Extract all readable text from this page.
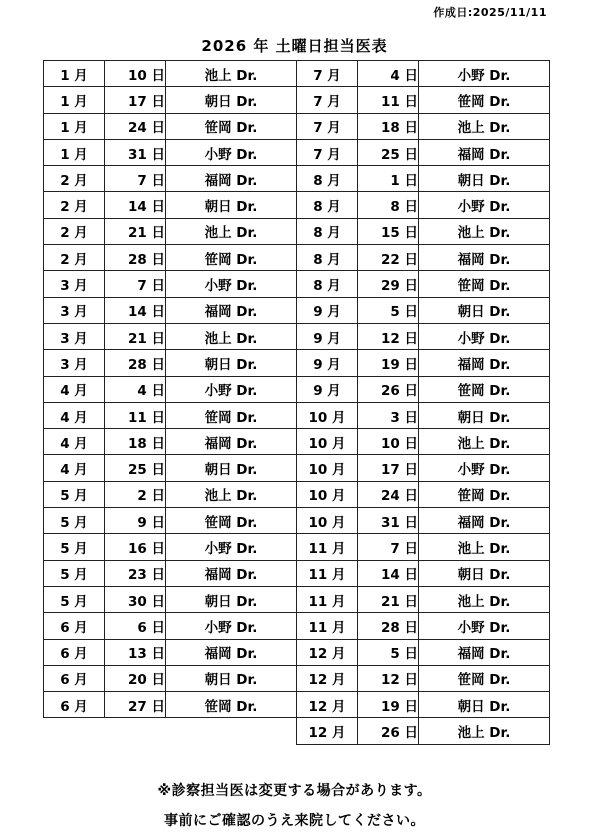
作成日:2025/11/11
2026 年 土曜日担当医表
1 月	10 日	池上 Dr.	7 月	4 日	小野 Dr.
1 月	17 日	朝日 Dr.	7 月	11 日	笹岡 Dr.
1 月	24 日	笹岡 Dr.	7 月	18 日	池上 Dr.
1 月	31 日	小野 Dr.	7 月	25 日	福岡 Dr.
2 月	7 日	福岡 Dr.	8 月	1 日	朝日 Dr.
2 月	14 日	朝日 Dr.	8 月	8 日	小野 Dr.
2 月	21 日	池上 Dr.	8 月	15 日	池上 Dr.
2 月	28 日	笹岡 Dr.	8 月	22 日	福岡 Dr.
3 月	7 日	小野 Dr.	8 月	29 日	笹岡 Dr.
3 月	14 日	福岡 Dr.	9 月	5 日	朝日 Dr.
3 月	21 日	池上 Dr.	9 月	12 日	小野 Dr.
3 月	28 日	朝日 Dr.	9 月	19 日	福岡 Dr.
4 月	4 日	小野 Dr.	9 月	26 日	笹岡 Dr.
4 月	11 日	笹岡 Dr.	10 月	3 日	朝日 Dr.
4 月	18 日	福岡 Dr.	10 月	10 日	池上 Dr.
4 月	25 日	朝日 Dr.	10 月	17 日	小野 Dr.
5 月	2 日	池上 Dr.	10 月	24 日	笹岡 Dr.
5 月	9 日	笹岡 Dr.	10 月	31 日	福岡 Dr.
5 月	16 日	小野 Dr.	11 月	7 日	池上 Dr.
5 月	23 日	福岡 Dr.	11 月	14 日	朝日 Dr.
5 月	30 日	朝日 Dr.	11 月	21 日	池上 Dr.
6 月	6 日	小野 Dr.	11 月	28 日	小野 Dr.
6 月	13 日	福岡 Dr.	12 月	5 日	福岡 Dr.
6 月	20 日	朝日 Dr.	12 月	12 日	笹岡 Dr.
6 月	27 日	笹岡 Dr.	12 月	19 日	朝日 Dr.
			12 月	26 日	池上 Dr.
※診察担当医は変更する場合があります。
事前にご確認のうえ来院してください。
